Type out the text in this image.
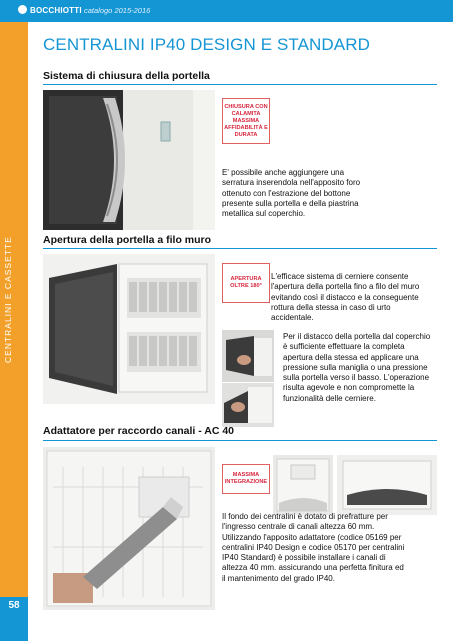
BOCCHIOTTI catalogo 2015-2016
CENTRALINI E CASSETTE
58
CENTRALINI IP40 DESIGN E STANDARD
Sistema di chiusura della portella
CHIUSURA CON CALAMITA MASSIMA AFFIDABILITÀ E DURATA
E' possibile anche aggiungere una serratura inserendola nell'apposito foro ottenuto con l'estrazione del bottone presente sulla portella e della piastrina metallica sul coperchio.
Apertura della portella a filo muro
APERTURA OLTRE 180°
L'efficace sistema di cerniere consente l'apertura della portella fino a filo del muro evitando così il distacco e la conseguente rottura della stessa in caso di urto accidentale.
Per il distacco della portella dal coperchio è sufficiente effettuare la completa apertura della stessa ed applicare una pressione sulla maniglia o una pressione sulla portella verso il basso. L'operazione risulta agevole e non compromette la funzionalità delle cerniere.
Adattatore per raccordo canali - AC 40
MASSIMA INTEGRAZIONE
Il fondo dei centralini è dotato di prefratture per l'ingresso centrale di canali altezza 60 mm. Utilizzando l'apposito adattatore (codice 05169 per centralini IP40 Design e codice 05170 per centralini IP40 Standard) è possibile installare i canali di altezza 40 mm. assicurando una perfetta finitura ed il mantenimento del grado IP40.
